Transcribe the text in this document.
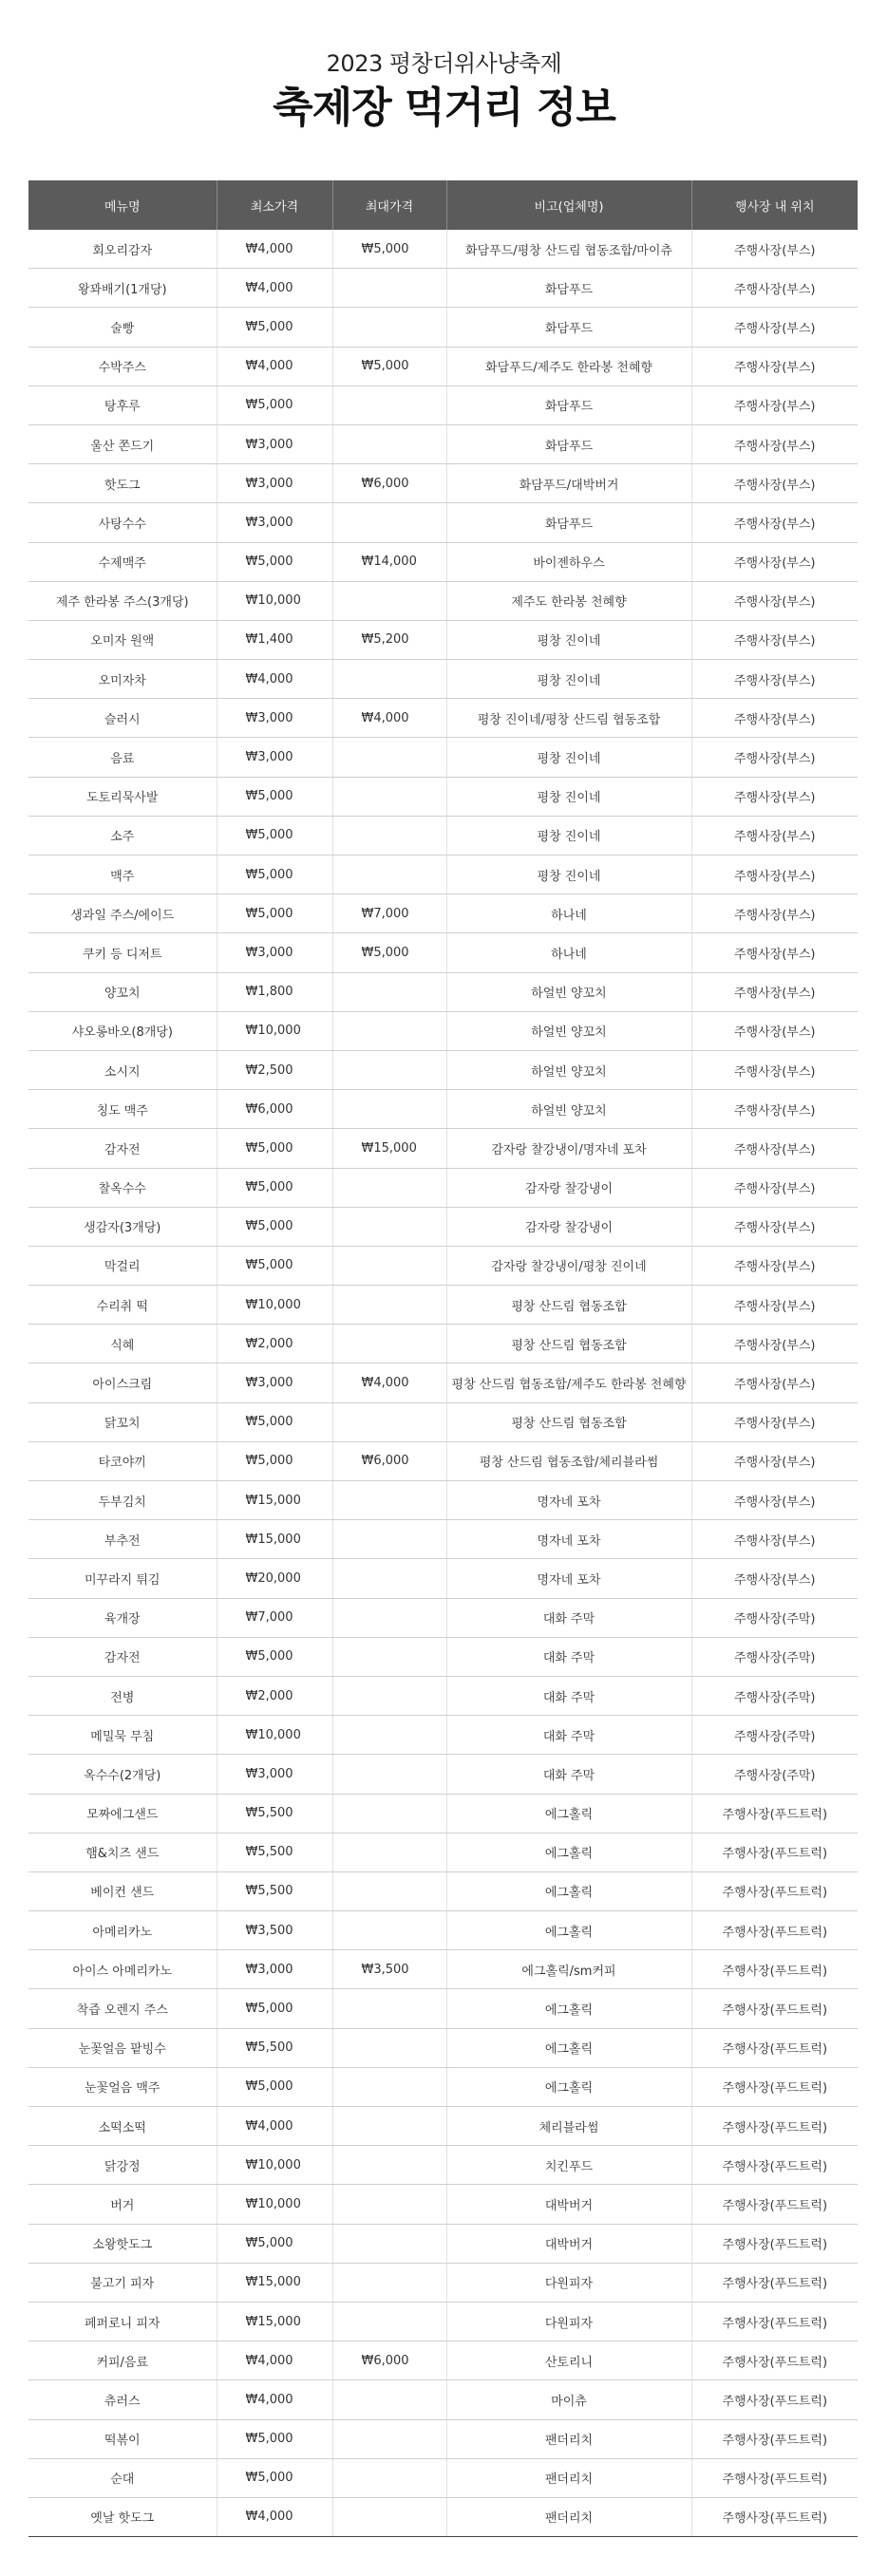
2023 평창더위사냥축제
축제장 먹거리 정보
메뉴명	최소가격	최대가격	비고(업체명)	행사장 내 위치
회오리감자	₩4,000	₩5,000	화담푸드/평창 산드림 협동조합/마이츄	주행사장(부스)
왕꽈배기(1개당)	₩4,000		화담푸드	주행사장(부스)
술빵	₩5,000		화담푸드	주행사장(부스)
수박주스	₩4,000	₩5,000	화담푸드/제주도 한라봉 천혜향	주행사장(부스)
탕후루	₩5,000		화담푸드	주행사장(부스)
울산 쫀드기	₩3,000		화담푸드	주행사장(부스)
핫도그	₩3,000	₩6,000	화담푸드/대박버거	주행사장(부스)
사탕수수	₩3,000		화담푸드	주행사장(부스)
수제맥주	₩5,000	₩14,000	바이젠하우스	주행사장(부스)
제주 한라봉 주스(3개당)	₩10,000		제주도 한라봉 천혜향	주행사장(부스)
오미자 원액	₩1,400	₩5,200	평창 진이네	주행사장(부스)
오미자차	₩4,000		평창 진이네	주행사장(부스)
슬러시	₩3,000	₩4,000	평창 진이네/평창 산드림 협동조합	주행사장(부스)
음료	₩3,000		평창 진이네	주행사장(부스)
도토리묵사발	₩5,000		평창 진이네	주행사장(부스)
소주	₩5,000		평창 진이네	주행사장(부스)
맥주	₩5,000		평창 진이네	주행사장(부스)
생과일 주스/에이드	₩5,000	₩7,000	하나네	주행사장(부스)
쿠키 등 디저트	₩3,000	₩5,000	하나네	주행사장(부스)
양꼬치	₩1,800		하얼빈 양꼬치	주행사장(부스)
샤오롱바오(8개당)	₩10,000		하얼빈 양꼬치	주행사장(부스)
소시지	₩2,500		하얼빈 양꼬치	주행사장(부스)
칭도 맥주	₩6,000		하얼빈 양꼬치	주행사장(부스)
감자전	₩5,000	₩15,000	감자랑 찰강냉이/명자네 포차	주행사장(부스)
찰옥수수	₩5,000		감자랑 찰강냉이	주행사장(부스)
생감자(3개당)	₩5,000		감자랑 찰강냉이	주행사장(부스)
막걸리	₩5,000		감자랑 찰강냉이/평창 진이네	주행사장(부스)
수리취 떡	₩10,000		평창 산드림 협동조합	주행사장(부스)
식혜	₩2,000		평창 산드림 협동조합	주행사장(부스)
아이스크림	₩3,000	₩4,000	평창 산드림 협동조합/제주도 한라봉 천혜향	주행사장(부스)
닭꼬치	₩5,000		평창 산드림 협동조합	주행사장(부스)
타코야끼	₩5,000	₩6,000	평창 산드림 협동조합/체리블라썸	주행사장(부스)
두부김치	₩15,000		명자네 포차	주행사장(부스)
부추전	₩15,000		명자네 포차	주행사장(부스)
미꾸라지 튀김	₩20,000		명자네 포차	주행사장(부스)
육개장	₩7,000		대화 주막	주행사장(주막)
감자전	₩5,000		대화 주막	주행사장(주막)
전병	₩2,000		대화 주막	주행사장(주막)
메밀묵 무침	₩10,000		대화 주막	주행사장(주막)
옥수수(2개당)	₩3,000		대화 주막	주행사장(주막)
모짜에그샌드	₩5,500		에그홀릭	주행사장(푸드트럭)
햄&치즈 샌드	₩5,500		에그홀릭	주행사장(푸드트럭)
베이컨 샌드	₩5,500		에그홀릭	주행사장(푸드트럭)
아메리카노	₩3,500		에그홀릭	주행사장(푸드트럭)
아이스 아메리카노	₩3,000	₩3,500	에그홀릭/sm커피	주행사장(푸드트럭)
착즙 오렌지 주스	₩5,000		에그홀릭	주행사장(푸드트럭)
눈꽃얼음 팥빙수	₩5,500		에그홀릭	주행사장(푸드트럭)
눈꽃얼음 맥주	₩5,000		에그홀릭	주행사장(푸드트럭)
소떡소떡	₩4,000		체리블라썸	주행사장(푸드트럭)
닭강정	₩10,000		치킨푸드	주행사장(푸드트럭)
버거	₩10,000		대박버거	주행사장(푸드트럭)
소왕핫도그	₩5,000		대박버거	주행사장(푸드트럭)
불고기 피자	₩15,000		다원피자	주행사장(푸드트럭)
페퍼로니 피자	₩15,000		다원피자	주행사장(푸드트럭)
커피/음료	₩4,000	₩6,000	산토리니	주행사장(푸드트럭)
츄러스	₩4,000		마이츄	주행사장(푸드트럭)
떡볶이	₩5,000		팬더리치	주행사장(푸드트럭)
순대	₩5,000		팬더리치	주행사장(푸드트럭)
옛날 핫도그	₩4,000		팬더리치	주행사장(푸드트럭)
